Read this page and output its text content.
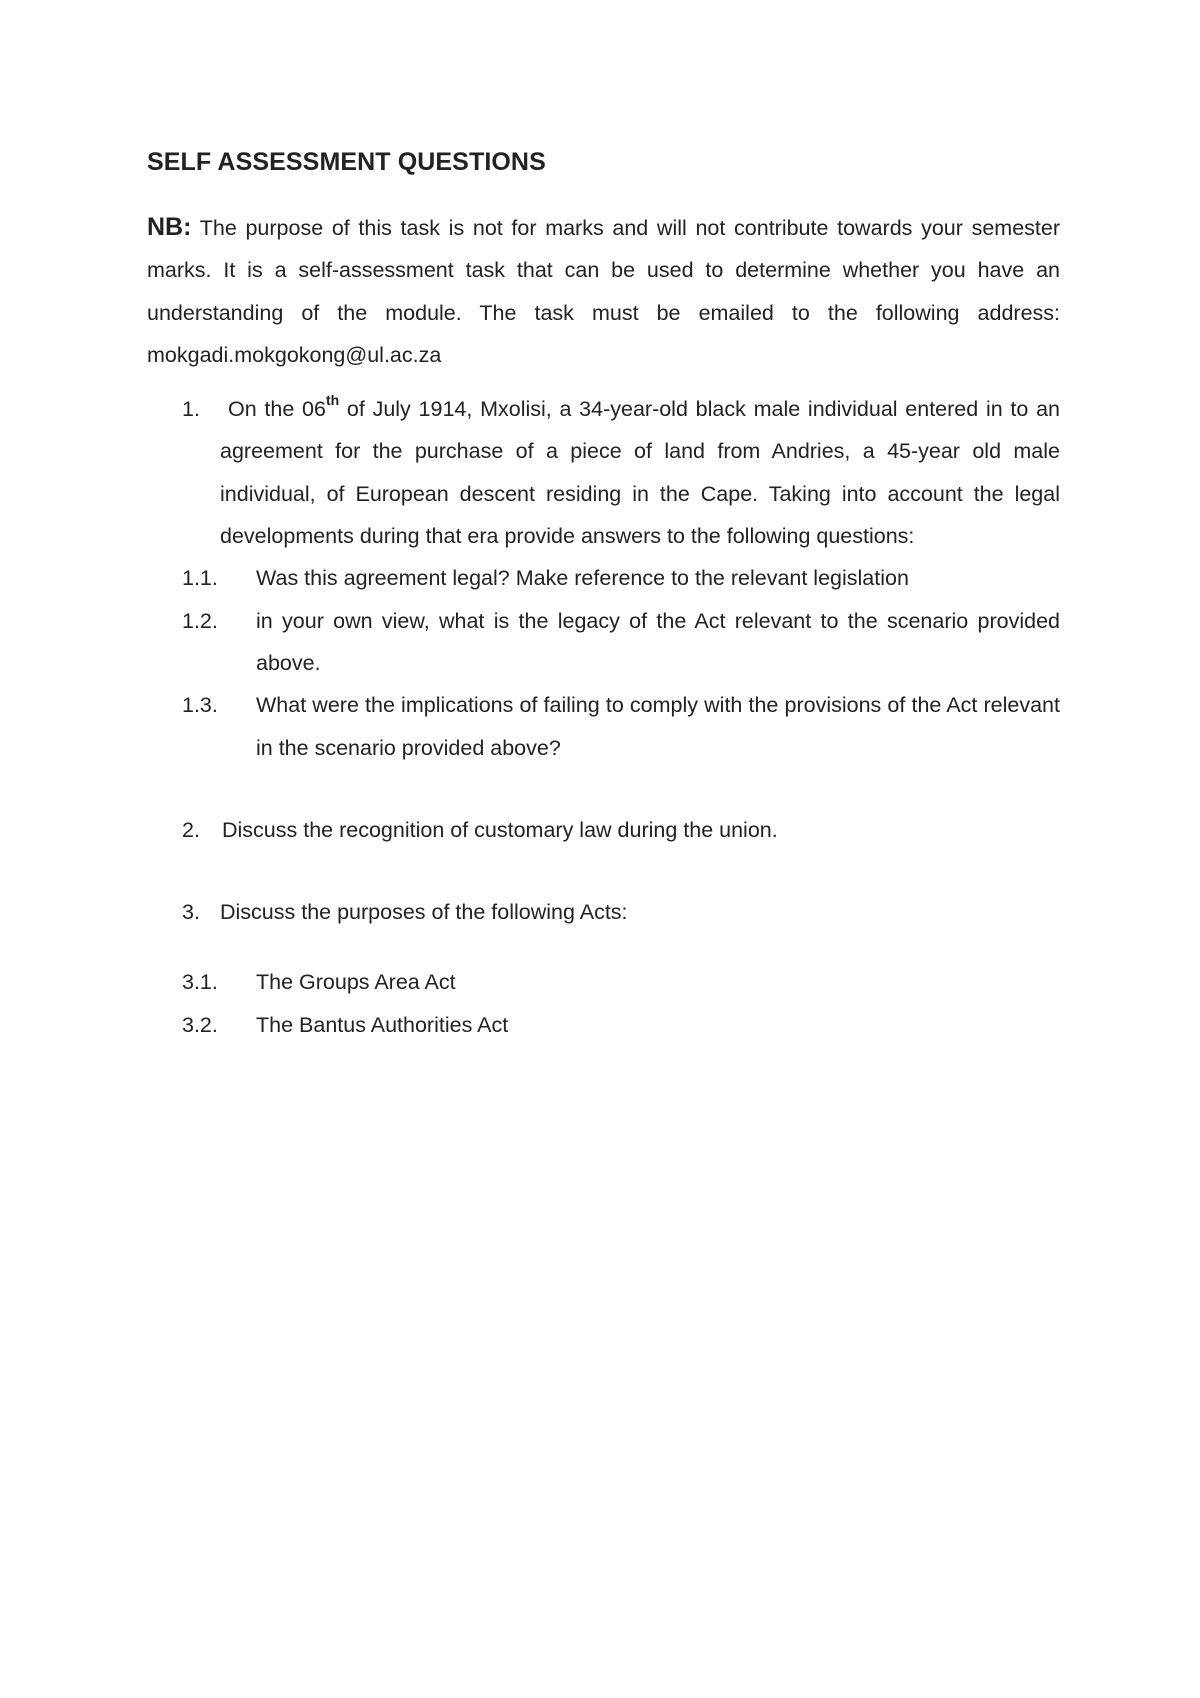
SELF ASSESSMENT QUESTIONS

NB: The purpose of this task is not for marks and will not contribute towards your semester marks. It is a self-assessment task that can be used to determine whether you have an understanding of the module. The task must be emailed to the following address: mokgadi.mokgokong@ul.ac.za

1. On the 06th of July 1914, Mxolisi, a 34-year-old black male individual entered in to an agreement for the purchase of a piece of land from Andries, a 45-year old male individual, of European descent residing in the Cape. Taking into account the legal developments during that era provide answers to the following questions:
1.1. Was this agreement legal? Make reference to the relevant legislation
1.2. in your own view, what is the legacy of the Act relevant to the scenario provided above.
1.3. What were the implications of failing to comply with the provisions of the Act relevant in the scenario provided above?
2. Discuss the recognition of customary law during the union.
3. Discuss the purposes of the following Acts:
3.1. The Groups Area Act
3.2. The Bantus Authorities Act
